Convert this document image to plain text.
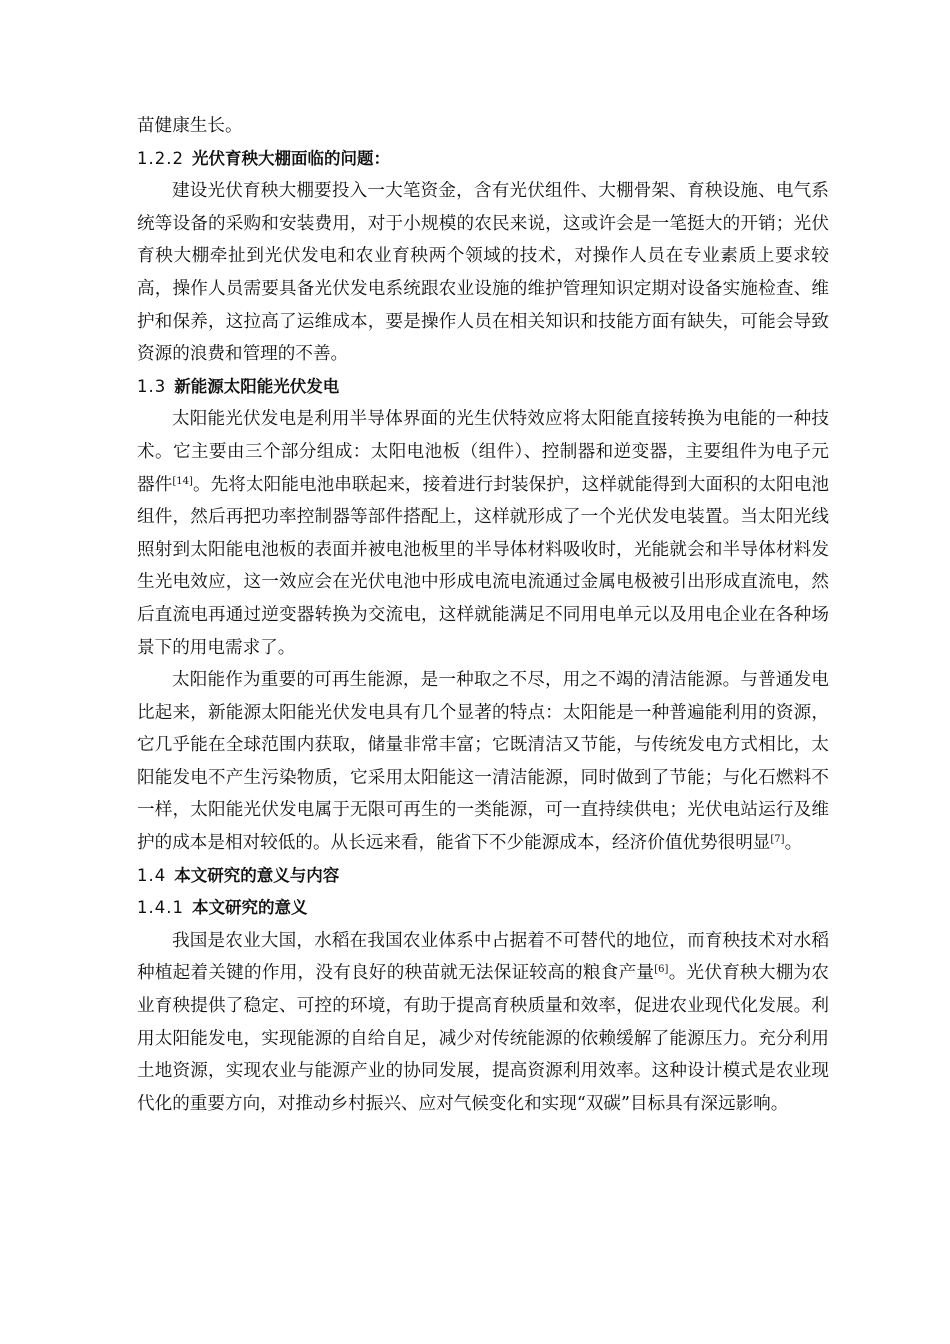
苗健康生长。

1.2.2 光伏育秧大棚面临的问题：

建设光伏育秧大棚要投入一大笔资金，含有光伏组件、大棚骨架、育秧设施、电气系统等设备的采购和安装费用，对于小规模的农民来说，这或许会是一笔挺大的开销；光伏育秧大棚牵扯到光伏发电和农业育秧两个领域的技术，对操作人员在专业素质上要求较高，操作人员需要具备光伏发电系统跟农业设施的维护管理知识定期对设备实施检查、维护和保养，这拉高了运维成本，要是操作人员在相关知识和技能方面有缺失，可能会导致资源的浪费和管理的不善。

1.3 新能源太阳能光伏发电

太阳能光伏发电是利用半导体界面的光生伏特效应将太阳能直接转换为电能的一种技术。它主要由三个部分组成：太阳电池板（组件）、控制器和逆变器，主要组件为电子元器件[14]。先将太阳能电池串联起来，接着进行封装保护，这样就能得到大面积的太阳电池组件，然后再把功率控制器等部件搭配上，这样就形成了一个光伏发电装置。当太阳光线照射到太阳能电池板的表面并被电池板里的半导体材料吸收时，光能就会和半导体材料发生光电效应，这一效应会在光伏电池中形成电流电流通过金属电极被引出形成直流电，然后直流电再通过逆变器转换为交流电，这样就能满足不同用电单元以及用电企业在各种场景下的用电需求了。

太阳能作为重要的可再生能源，是一种取之不尽，用之不竭的清洁能源。与普通发电比起来，新能源太阳能光伏发电具有几个显著的特点：太阳能是一种普遍能利用的资源，它几乎能在全球范围内获取，储量非常丰富；它既清洁又节能，与传统发电方式相比，太阳能发电不产生污染物质，它采用太阳能这一清洁能源，同时做到了节能；与化石燃料不一样，太阳能光伏发电属于无限可再生的一类能源，可一直持续供电；光伏电站运行及维护的成本是相对较低的。从长远来看，能省下不少能源成本，经济价值优势很明显[7]。

1.4 本文研究的意义与内容
1.4.1 本文研究的意义

我国是农业大国，水稻在我国农业体系中占据着不可替代的地位，而育秧技术对水稻种植起着关键的作用，没有良好的秧苗就无法保证较高的粮食产量[6]。光伏育秧大棚为农业育秧提供了稳定、可控的环境，有助于提高育秧质量和效率，促进农业现代化发展。利用太阳能发电，实现能源的自给自足，减少对传统能源的依赖缓解了能源压力。充分利用土地资源，实现农业与能源产业的协同发展，提高资源利用效率。这种设计模式是农业现代化的重要方向，对推动乡村振兴、应对气候变化和实现“双碳”目标具有深远影响。
